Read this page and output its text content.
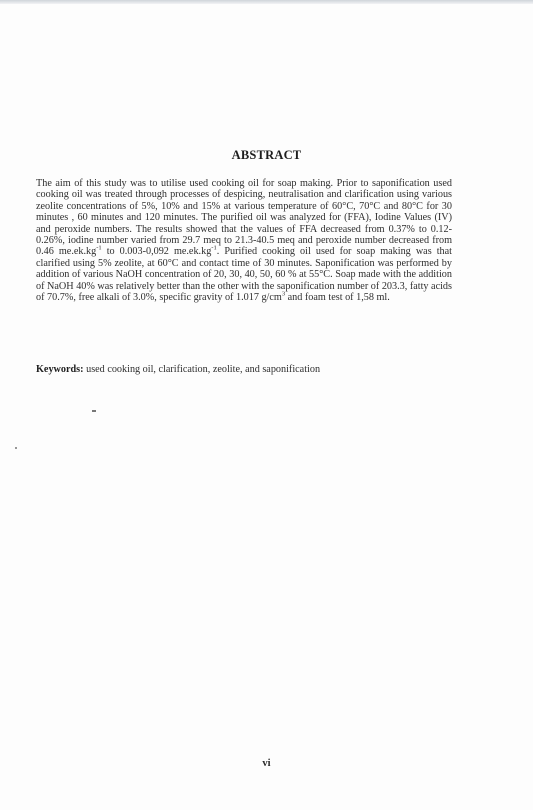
ABSTRACT

The aim of this study was to utilise used cooking oil for soap making. Prior to saponification used cooking oil was treated through processes of despicing, neutralisation and clarification using various zeolite concentrations of 5%, 10% and 15% at various temperature of 60°C, 70°C and 80°C for 30 minutes , 60 minutes and 120 minutes. The purified oil was analyzed for (FFA), Iodine Values (IV) and peroxide numbers. The results showed that the values of FFA decreased from 0.37% to 0.12-0.26%, iodine number varied from 29.7 meq to 21.3-40.5 meq and peroxide number decreased from 0.46 $me.ek.kg^{-1}$ to 0.003-0,092 $me.ek.kg^{-1}$. Purified cooking oil used for soap making was that clarified using 5% zeolite, at 60°C and contact time of 30 minutes. Saponification was performed by addition of various NaOH concentration of 20, 30, 40, 50, 60 % at 55°C. Soap made with the addition of NaOH 40% was relatively better than the other with the saponification number of 203.3, fatty acids of 70.7%, free alkali of 3.0%, specific gravity of 1.017 $g/cm^3$ and foam test of 1,58 ml.

Keywords: used cooking oil, clarification, zeolite, and saponification

vi
